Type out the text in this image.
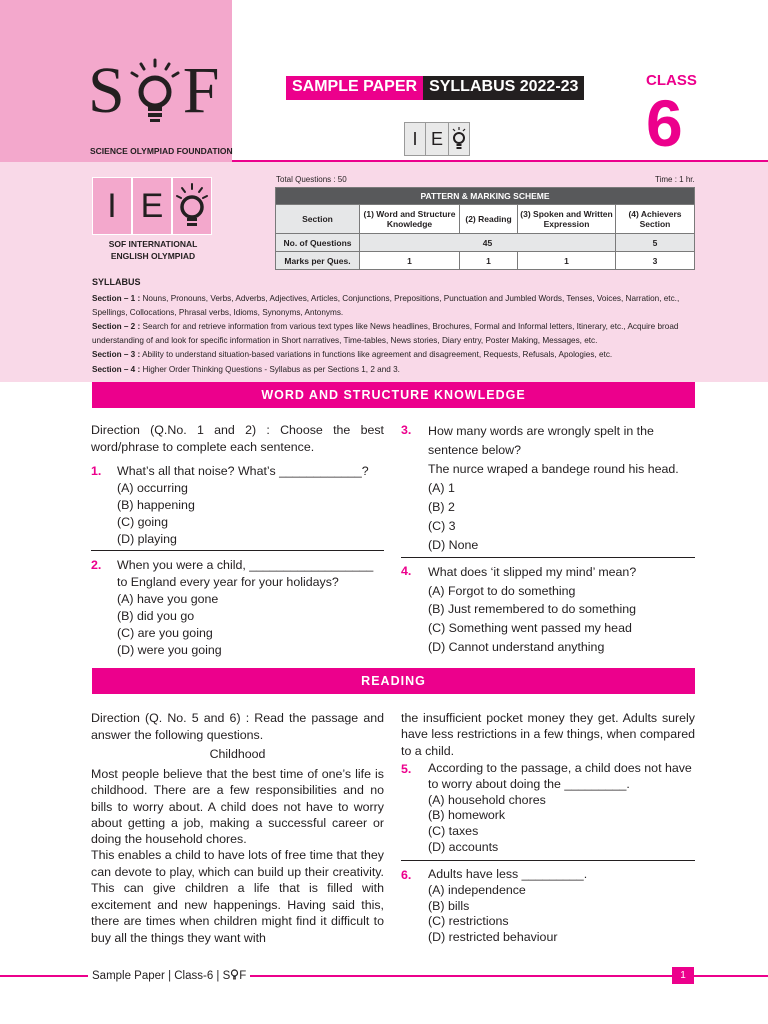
S F
SCIENCE OLYMPIAD FOUNDATION
SAMPLE PAPER SYLLABUS 2022-23	CLASS
6
I E
I E
SOF INTERNATIONAL
ENGLISH OLYMPIAD
Total Questions : 50	Time : 1 hr.
PATTERN & MARKING SCHEME				
Section	(1) Word and Structure Knowledge	(2) Reading	(3) Spoken and Written Expression	(4) Achievers Section
No. of Questions	45			5
Marks per Ques.	1	1	1	3
SYLLABUS
Section – 1 : Nouns, Pronouns, Verbs, Adverbs, Adjectives, Articles, Conjunctions, Prepositions, Punctuation and Jumbled Words, Tenses, Voices, Narration, etc., Spellings, Collocations, Phrasal verbs, Idioms, Synonyms, Antonyms.
Section – 2 : Search for and retrieve information from various text types like News headlines, Brochures, Formal and Informal letters, Itinerary, etc., Acquire broad understanding of and look for specific information in Short narratives, Time-tables, News stories, Diary entry, Poster Making, Messages, etc.
Section – 3 : Ability to understand situation-based variations in functions like agreement and disagreement, Requests, Refusals, Apologies, etc.
Section – 4 : Higher Order Thinking Questions - Syllabus as per Sections 1, 2 and 3.
WORD AND STRUCTURE KNOWLEDGE
Direction (Q.No. 1 and 2) : Choose the best word/phrase to complete each sentence.
1. What’s all that noise? What’s ____________?
(A) occurring
(B) happening
(C) going
(D) playing
2. When you were a child, __________________
to England every year for your holidays?
(A) have you gone
(B) did you go
(C) are you going
(D) were you going
3. How many words are wrongly spelt in the
sentence below?
The nurce wraped a bandege round his head.
(A) 1
(B) 2
(C) 3
(D) None
4. What does ‘it slipped my mind’ mean?
(A) Forgot to do something
(B) Just remembered to do something
(C) Something went passed my head
(D) Cannot understand anything
READING
Direction (Q. No. 5 and 6) : Read the passage and answer the following questions.
Childhood
Most people believe that the best time of one’s life is childhood. There are a few responsibilities and no bills to worry about. A child does not have to worry about getting a job, making a successful career or doing the household chores.
This enables a child to have lots of free time that they can devote to play, which can build up their creativity. This can give children a life that is filled with excitement and new happenings. Having said this, there are times when children might find it difficult to buy all the things they want with
the insufficient pocket money they get. Adults surely have less restrictions in a few things, when compared to a child.
5. According to the passage, a child does not have to worry about doing the _________.
(A) household chores
(B) homework
(C) taxes
(D) accounts
6. Adults have less _________.
(A) independence
(B) bills
(C) restrictions
(D) restricted behaviour
Sample Paper | Class-6 | S F	1
